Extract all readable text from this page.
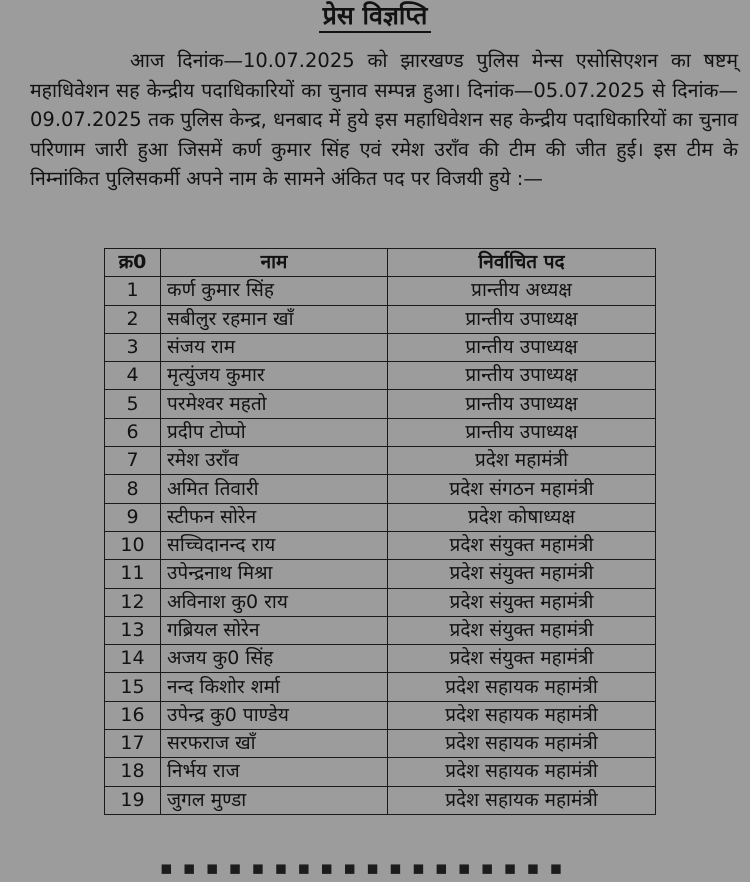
प्रेस विज्ञप्ति

आज दिनांक—10.07.2025 को झारखण्ड पुलिस मेन्स एसोसिएशन का षष्टम् महाधिवेशन सह केन्द्रीय पदाधिकारियों का चुनाव सम्पन्न हुआ। दिनांक—05.07.2025 से दिनांक—09.07.2025 तक पुलिस केन्द्र, धनबाद में हुये इस महाधिवेशन सह केन्द्रीय पदाधिकारियों का चुनाव परिणाम जारी हुआ जिसमें कर्ण कुमार सिंह एवं रमेश उराँव की टीम की जीत हुई। इस टीम के निम्नांकित पुलिसकर्मी अपने नाम के सामने अंकित पद पर विजयी हुये :—

क्र0	नाम	निर्वाचित पद
1	कर्ण कुमार सिंह	प्रान्तीय अध्यक्ष
2	सबीलुर रहमान खाँ	प्रान्तीय उपाध्यक्ष
3	संजय राम	प्रान्तीय उपाध्यक्ष
4	मृत्युंजय कुमार	प्रान्तीय उपाध्यक्ष
5	परमेश्वर महतो	प्रान्तीय उपाध्यक्ष
6	प्रदीप टोप्पो	प्रान्तीय उपाध्यक्ष
7	रमेश उराँव	प्रदेश महामंत्री
8	अमित तिवारी	प्रदेश संगठन महामंत्री
9	स्टीफन सोरेन	प्रदेश कोषाध्यक्ष
10	सच्चिदानन्द राय	प्रदेश संयुक्त महामंत्री
11	उपेन्द्रनाथ मिश्रा	प्रदेश संयुक्त महामंत्री
12	अविनाश कु0 राय	प्रदेश संयुक्त महामंत्री
13	गब्रियल सोरेन	प्रदेश संयुक्त महामंत्री
14	अजय कु0 सिंह	प्रदेश संयुक्त महामंत्री
15	नन्द किशोर शर्मा	प्रदेश सहायक महामंत्री
16	उपेन्द्र कु0 पाण्डेय	प्रदेश सहायक महामंत्री
17	सरफराज खाँ	प्रदेश सहायक महामंत्री
18	निर्भय राज	प्रदेश सहायक महामंत्री
19	जुगल मुण्डा	प्रदेश सहायक महामंत्री
▪ ▪ ▪ ▪ ▪ ▪ ▪ ▪ ▪ ▪ ▪ ▪ ▪ ▪ ▪ ▪ ▪ ▪
